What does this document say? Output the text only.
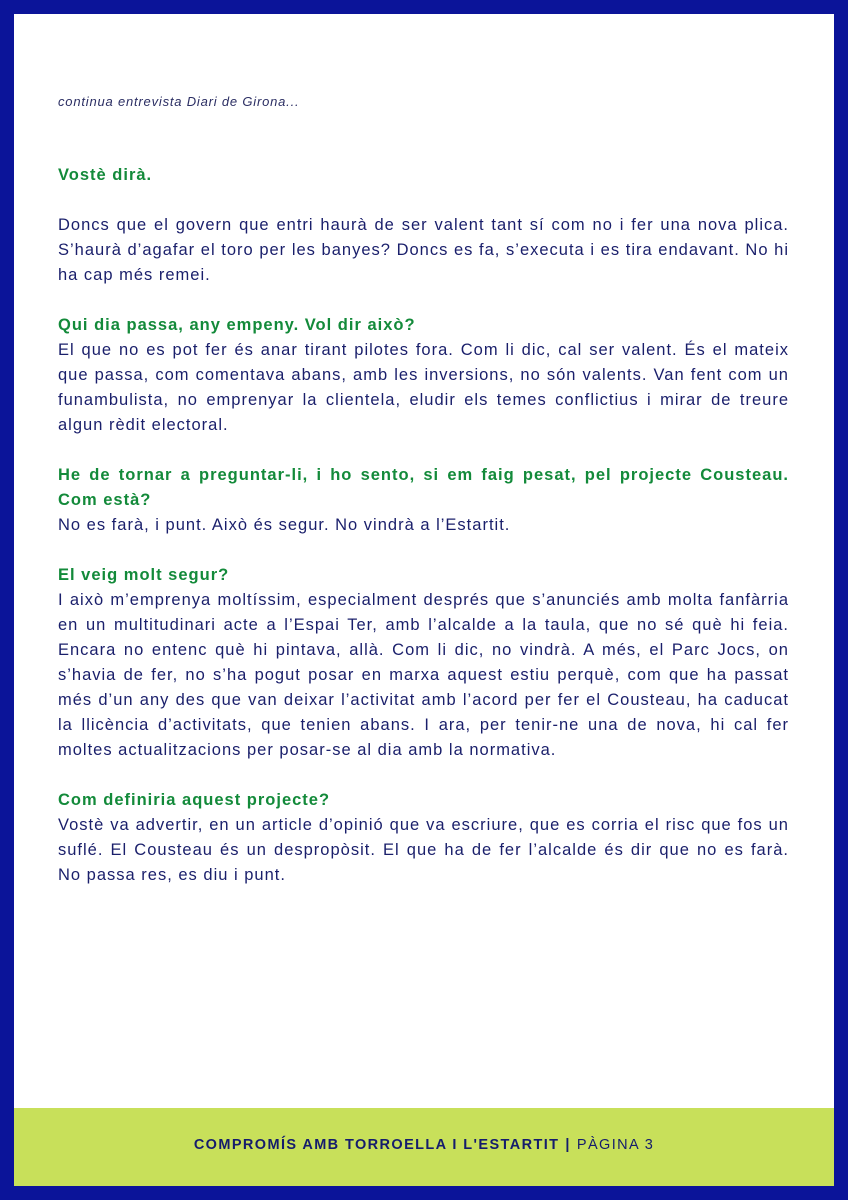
continua entrevista Diari de Girona...

Vostè dirà.

Doncs que el govern que entri haurà de ser valent tant sí com no i fer una nova plica. S’haurà d’agafar el toro per les banyes? Doncs es fa, s’executa i es tira endavant. No hi ha cap més remei.

Qui dia passa, any empeny. Vol dir això?
El que no es pot fer és anar tirant pilotes fora. Com li dic, cal ser valent. És el mateix que passa, com comentava abans, amb les inversions, no són valents. Van fent com un funambulista, no emprenyar la clientela, eludir els temes conflictius i mirar de treure algun rèdit electoral.

He de tornar a preguntar-li, i ho sento, si em faig pesat, pel projecte Cousteau. Com està?
No es farà, i punt. Això és segur. No vindrà a l’Estartit.

El veig molt segur?
I això m’emprenya moltíssim, especialment després que s’anunciés amb molta fanfàrria en un multitudinari acte a l’Espai Ter, amb l’alcalde a la taula, que no sé què hi feia. Encara no entenc què hi pintava, allà. Com li dic, no vindrà. A més, el Parc Jocs, on s’havia de fer, no s’ha pogut posar en marxa aquest estiu perquè, com que ha passat més d’un any des que van deixar l’activitat amb l’acord per fer el Cousteau, ha caducat la llicència d’activitats, que tenien abans. I ara, per tenir-ne una de nova, hi cal fer moltes actualitzacions per posar-se al dia amb la normativa.

Com definiria aquest projecte?
Vostè va advertir, en un article d’opinió que va escriure, que es corria el risc que fos un suflé. El Cousteau és un despropòsit. El que ha de fer l’alcalde és dir que no es farà. No passa res, es diu i punt.

COMPROMÍS AMB TORROELLA I L'ESTARTIT | PÀGINA 3
